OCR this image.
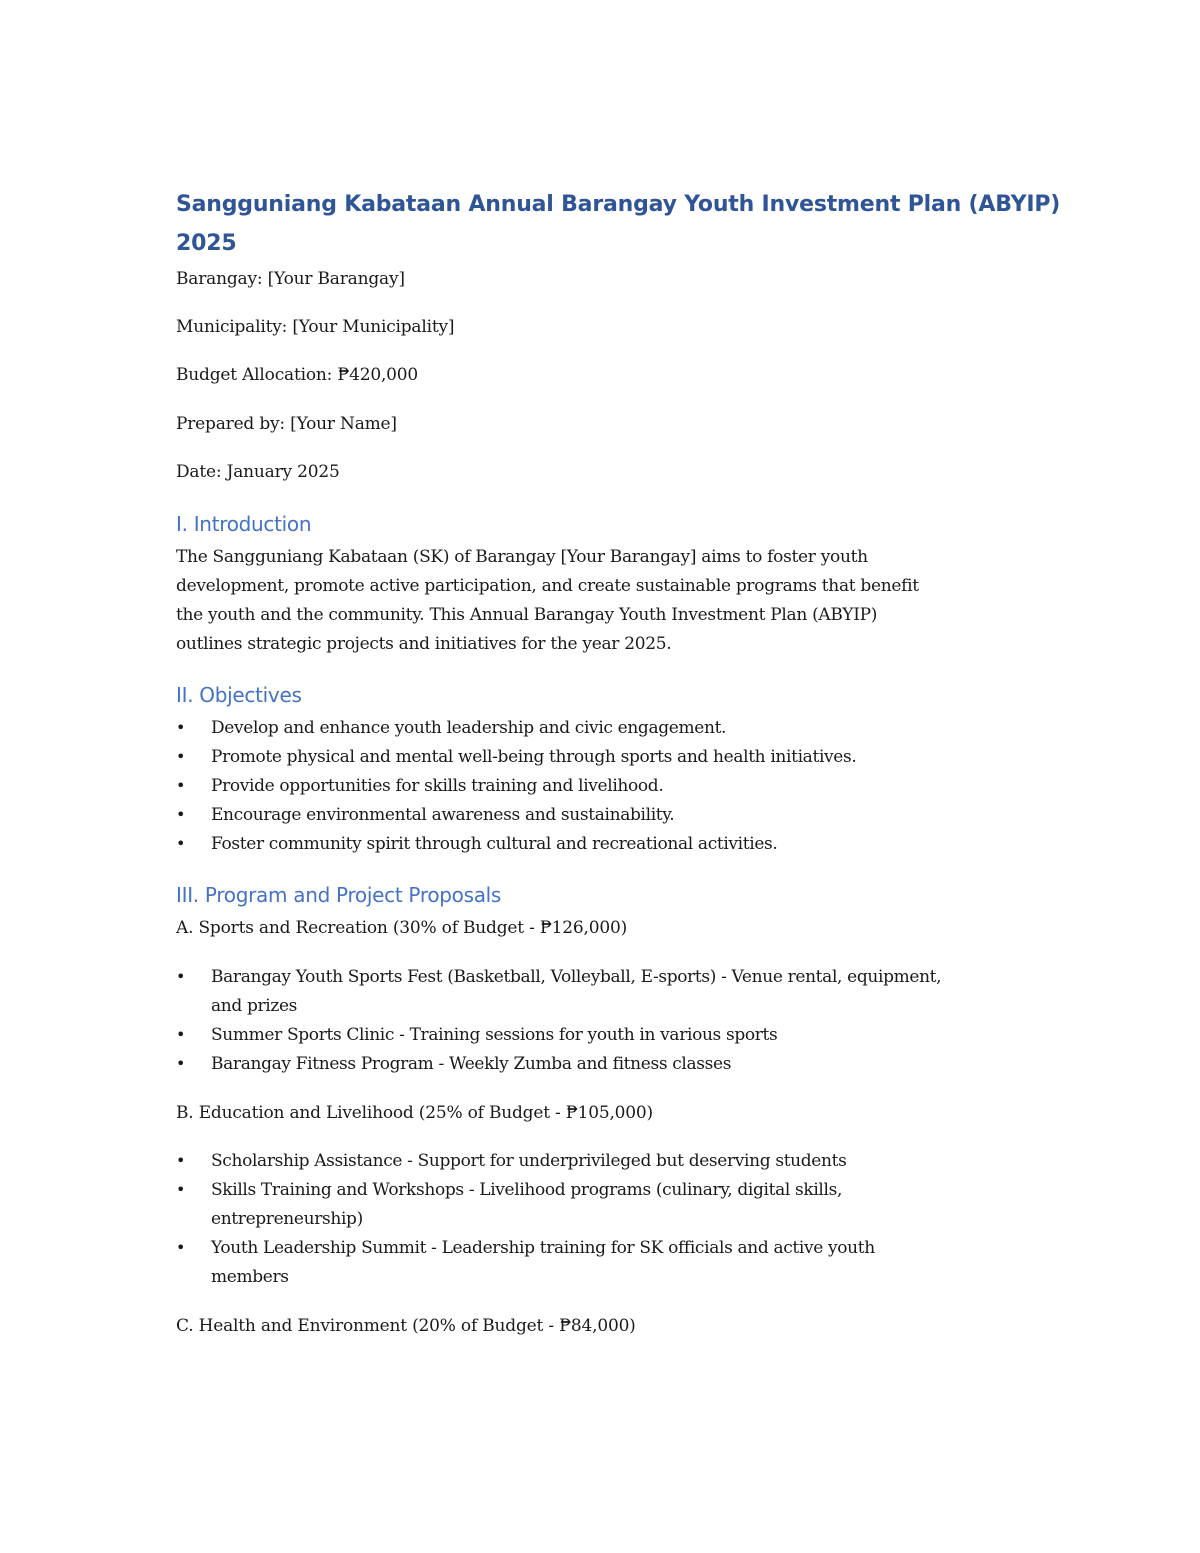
Sangguniang Kabataan Annual Barangay Youth Investment Plan (ABYIP)
2025
Barangay: [Your Barangay]
Municipality: [Your Municipality]
Budget Allocation: ₱420,000
Prepared by: [Your Name]
Date: January 2025
I. Introduction
The Sangguniang Kabataan (SK) of Barangay [Your Barangay] aims to foster youth
development, promote active participation, and create sustainable programs that benefit
the youth and the community. This Annual Barangay Youth Investment Plan (ABYIP)
outlines strategic projects and initiatives for the year 2025.
II. Objectives
• Develop and enhance youth leadership and civic engagement.
• Promote physical and mental well-being through sports and health initiatives.
• Provide opportunities for skills training and livelihood.
• Encourage environmental awareness and sustainability.
• Foster community spirit through cultural and recreational activities.
III. Program and Project Proposals
A. Sports and Recreation (30% of Budget - ₱126,000)
• Barangay Youth Sports Fest (Basketball, Volleyball, E-sports) - Venue rental, equipment,
and prizes
• Summer Sports Clinic - Training sessions for youth in various sports
• Barangay Fitness Program - Weekly Zumba and fitness classes
B. Education and Livelihood (25% of Budget - ₱105,000)
• Scholarship Assistance - Support for underprivileged but deserving students
• Skills Training and Workshops - Livelihood programs (culinary, digital skills,
entrepreneurship)
• Youth Leadership Summit - Leadership training for SK officials and active youth
members
C. Health and Environment (20% of Budget - ₱84,000)
